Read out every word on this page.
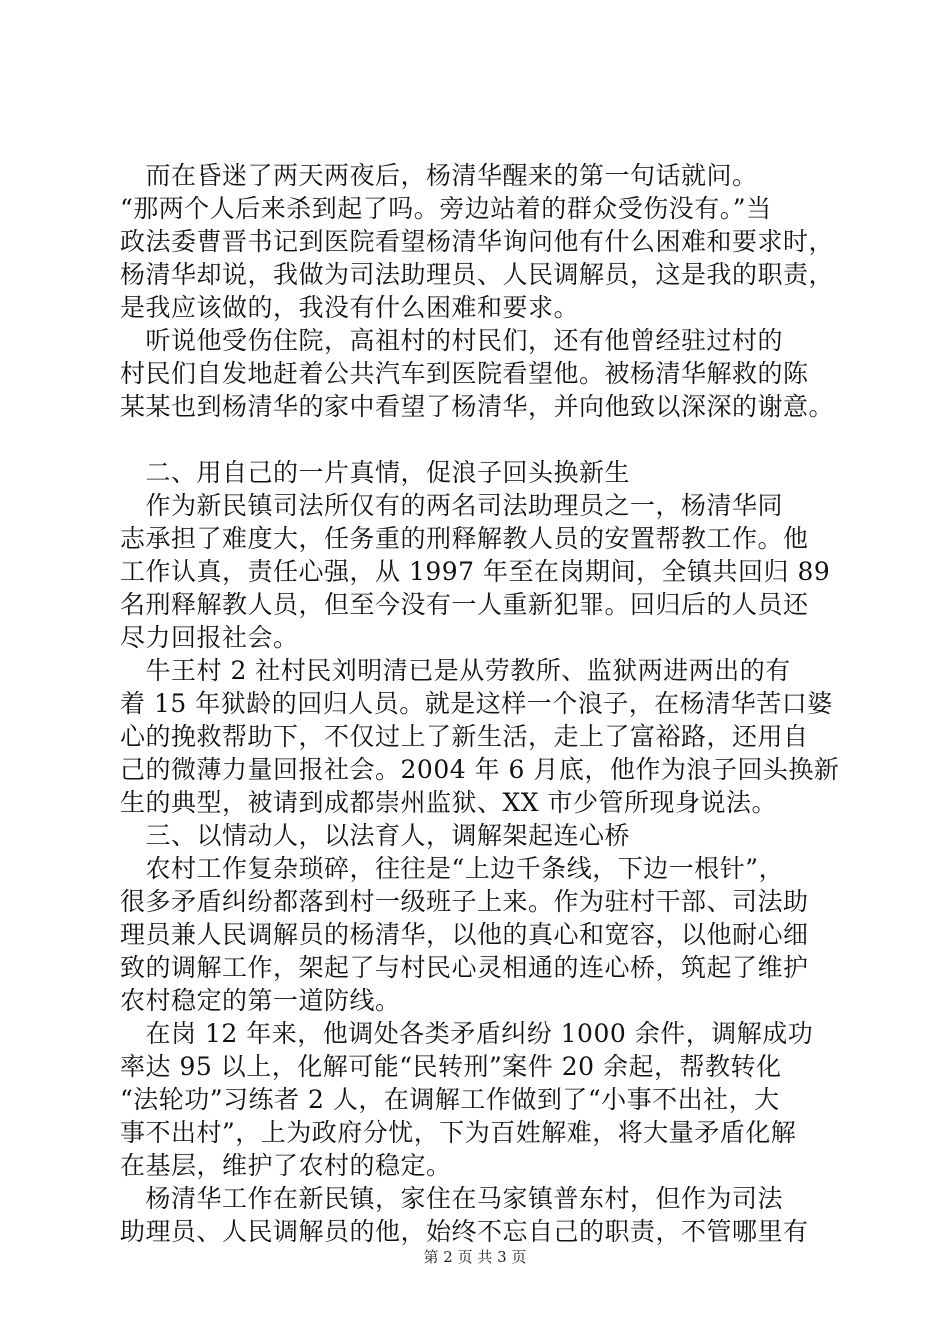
　而在昏迷了两天两夜后，杨清华醒来的第一句话就问。
“那两个人后来杀到起了吗。旁边站着的群众受伤没有。”当
政法委曹晋书记到医院看望杨清华询问他有什么困难和要求时，
杨清华却说，我做为司法助理员、人民调解员，这是我的职责，
是我应该做的，我没有什么困难和要求。
　听说他受伤住院，高祖村的村民们，还有他曾经驻过村的
村民们自发地赶着公共汽车到医院看望他。被杨清华解救的陈
某某也到杨清华的家中看望了杨清华，并向他致以深深的谢意。
　二、用自己的一片真情，促浪子回头换新生
　作为新民镇司法所仅有的两名司法助理员之一，杨清华同
志承担了难度大，任务重的刑释解教人员的安置帮教工作。他
工作认真，责任心强，从 1997 年至在岗期间，全镇共回归 89
名刑释解教人员，但至今没有一人重新犯罪。回归后的人员还
尽力回报社会。
　牛王村 2 社村民刘明清已是从劳教所、监狱两进两出的有
着 15 年狱龄的回归人员。就是这样一个浪子，在杨清华苦口婆
心的挽救帮助下，不仅过上了新生活，走上了富裕路，还用自
己的微薄力量回报社会。2004 年 6 月底，他作为浪子回头换新
生的典型，被请到成都崇州监狱、XX 市少管所现身说法。
　三、以情动人，以法育人，调解架起连心桥
　农村工作复杂琐碎，往往是“上边千条线，下边一根针”，
很多矛盾纠纷都落到村一级班子上来。作为驻村干部、司法助
理员兼人民调解员的杨清华，以他的真心和宽容，以他耐心细
致的调解工作，架起了与村民心灵相通的连心桥，筑起了维护
农村稳定的第一道防线。
　在岗 12 年来，他调处各类矛盾纠纷 1000 余件，调解成功
率达 95 以上，化解可能“民转刑”案件 20 余起，帮教转化
“法轮功”习练者 2 人，在调解工作做到了“小事不出社，大
事不出村”，上为政府分忧，下为百姓解难，将大量矛盾化解
在基层，维护了农村的稳定。
　杨清华工作在新民镇，家住在马家镇普东村，但作为司法
助理员、人民调解员的他，始终不忘自己的职责，不管哪里有
第 2 页 共 3 页
